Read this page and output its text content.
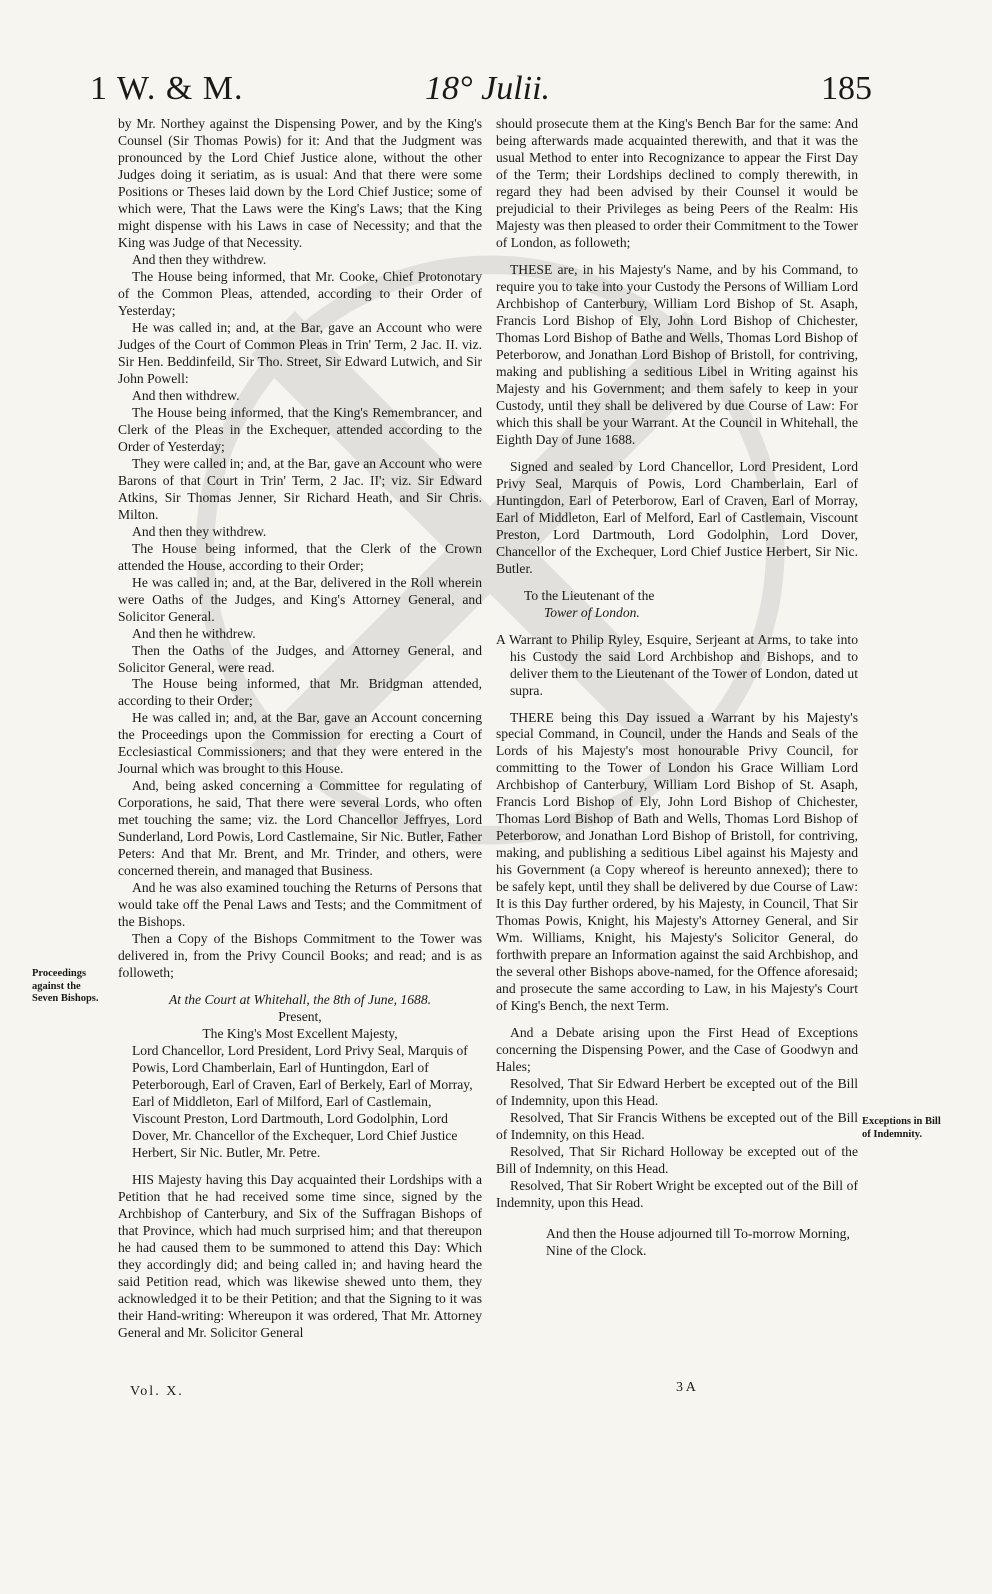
1 W. & M.	18° Julii.	185

by Mr. Northey against the Dispensing Power, and by the King's Counsel (Sir Thomas Powis) for it: And that the Judgment was pronounced by the Lord Chief Justice alone, without the other Judges doing it seriatim, as is usual: And that there were some Positions or Theses laid down by the Lord Chief Justice; some of which were, That the Laws were the King's Laws; that the King might dispense with his Laws in case of Necessity; and that the King was Judge of that Necessity.

And then they withdrew.

The House being informed, that Mr. Cooke, Chief Protonotary of the Common Pleas, attended, according to their Order of Yesterday;

He was called in; and, at the Bar, gave an Account who were Judges of the Court of Common Pleas in Trin' Term, 2 Jac. II. viz. Sir Hen. Beddinfeild, Sir Tho. Street, Sir Edward Lutwich, and Sir John Powell:

And then withdrew.

The House being informed, that the King's Remembrancer, and Clerk of the Pleas in the Exchequer, attended according to the Order of Yesterday;

They were called in; and, at the Bar, gave an Account who were Barons of that Court in Trin' Term, 2 Jac. II'; viz. Sir Edward Atkins, Sir Thomas Jenner, Sir Richard Heath, and Sir Chris. Milton.

And then they withdrew.

The House being informed, that the Clerk of the Crown attended the House, according to their Order;

He was called in; and, at the Bar, delivered in the Roll wherein were Oaths of the Judges, and King's Attorney General, and Solicitor General.

And then he withdrew.

Then the Oaths of the Judges, and Attorney General, and Solicitor General, were read.

The House being informed, that Mr. Bridgman attended, according to their Order;

He was called in; and, at the Bar, gave an Account concerning the Proceedings upon the Commission for erecting a Court of Ecclesiastical Commissioners; and that they were entered in the Journal which was brought to this House.

And, being asked concerning a Committee for regulating of Corporations, he said, That there were several Lords, who often met touching the same; viz. the Lord Chancellor Jeffryes, Lord Sunderland, Lord Powis, Lord Castlemaine, Sir Nic. Butler, Father Peters: And that Mr. Brent, and Mr. Trinder, and others, were concerned therein, and managed that Business.

And he was also examined touching the Returns of Persons that would take off the Penal Laws and Tests; and the Commitment of the Bishops.

Then a Copy of the Bishops Commitment to the Tower was delivered in, from the Privy Council Books; and read; and is as followeth;

At the Court at Whitehall, the 8th of June, 1688.

Present,

The King's Most Excellent Majesty,

Lord Chancellor, Lord President, Lord Privy Seal, Marquis of Powis, Lord Chamberlain, Earl of Huntingdon, Earl of Peterborough, Earl of Craven, Earl of Berkely, Earl of Morray, Earl of Middleton, Earl of Milford, Earl of Castlemain, Viscount Preston, Lord Dartmouth, Lord Godolphin, Lord Dover, Mr. Chancellor of the Exchequer, Lord Chief Justice Herbert, Sir Nic. Butler, Mr. Petre.

HIS Majesty having this Day acquainted their Lordships with a Petition that he had received some time since, signed by the Archbishop of Canterbury, and Six of the Suffragan Bishops of that Province, which had much surprised him; and that thereupon he had caused them to be summoned to attend this Day: Which they accordingly did; and being called in; and having heard the said Petition read, which was likewise shewed unto them, they acknowledged it to be their Petition; and that the Signing to it was their Hand-writing: Whereupon it was ordered, That Mr. Attorney General and Mr. Solicitor General

should prosecute them at the King's Bench Bar for the same: And being afterwards made acquainted therewith, and that it was the usual Method to enter into Recognizance to appear the First Day of the Term; their Lordships declined to comply therewith, in regard they had been advised by their Counsel it would be prejudicial to their Privileges as being Peers of the Realm: His Majesty was then pleased to order their Commitment to the Tower of London, as followeth;

THESE are, in his Majesty's Name, and by his Command, to require you to take into your Custody the Persons of William Lord Archbishop of Canterbury, William Lord Bishop of St. Asaph, Francis Lord Bishop of Ely, John Lord Bishop of Chichester, Thomas Lord Bishop of Bathe and Wells, Thomas Lord Bishop of Peterborow, and Jonathan Lord Bishop of Bristoll, for contriving, making and publishing a seditious Libel in Writing against his Majesty and his Government; and them safely to keep in your Custody, until they shall be delivered by due Course of Law: For which this shall be your Warrant. At the Council in Whitehall, the Eighth Day of June 1688.

Signed and sealed by Lord Chancellor, Lord President, Lord Privy Seal, Marquis of Powis, Lord Chamberlain, Earl of Huntingdon, Earl of Peterborow, Earl of Craven, Earl of Morray, Earl of Middleton, Earl of Melford, Earl of Castlemain, Viscount Preston, Lord Dartmouth, Lord Godolphin, Lord Dover, Chancellor of the Exchequer, Lord Chief Justice Herbert, Sir Nic. Butler.

To the Lieutenant of the

Tower of London.

A Warrant to Philip Ryley, Esquire, Serjeant at Arms, to take into his Custody the said Lord Archbishop and Bishops, and to deliver them to the Lieutenant of the Tower of London, dated ut supra.

THERE being this Day issued a Warrant by his Majesty's special Command, in Council, under the Hands and Seals of the Lords of his Majesty's most honourable Privy Council, for committing to the Tower of London his Grace William Lord Archbishop of Canterbury, William Lord Bishop of St. Asaph, Francis Lord Bishop of Ely, John Lord Bishop of Chichester, Thomas Lord Bishop of Bath and Wells, Thomas Lord Bishop of Peterborow, and Jonathan Lord Bishop of Bristoll, for contriving, making, and publishing a seditious Libel against his Majesty and his Government (a Copy whereof is hereunto annexed); there to be safely kept, until they shall be delivered by due Course of Law: It is this Day further ordered, by his Majesty, in Council, That Sir Thomas Powis, Knight, his Majesty's Attorney General, and Sir Wm. Williams, Knight, his Majesty's Solicitor General, do forthwith prepare an Information against the said Archbishop, and the several other Bishops above-named, for the Offence aforesaid; and prosecute the same according to Law, in his Majesty's Court of King's Bench, the next Term.

And a Debate arising upon the First Head of Exceptions concerning the Dispensing Power, and the Case of Goodwyn and Hales;

Resolved, That Sir Edward Herbert be excepted out of the Bill of Indemnity, upon this Head.

Resolved, That Sir Francis Withens be excepted out of the Bill of Indemnity, on this Head.

Resolved, That Sir Richard Holloway be excepted out of the Bill of Indemnity, on this Head.

Resolved, That Sir Robert Wright be excepted out of the Bill of Indemnity, upon this Head.

And then the House adjourned till To-morrow Morning, Nine of the Clock.

Proceedings against the Seven Bishops.
Exceptions in Bill of Indemnity.
Vol. X.	3 A
